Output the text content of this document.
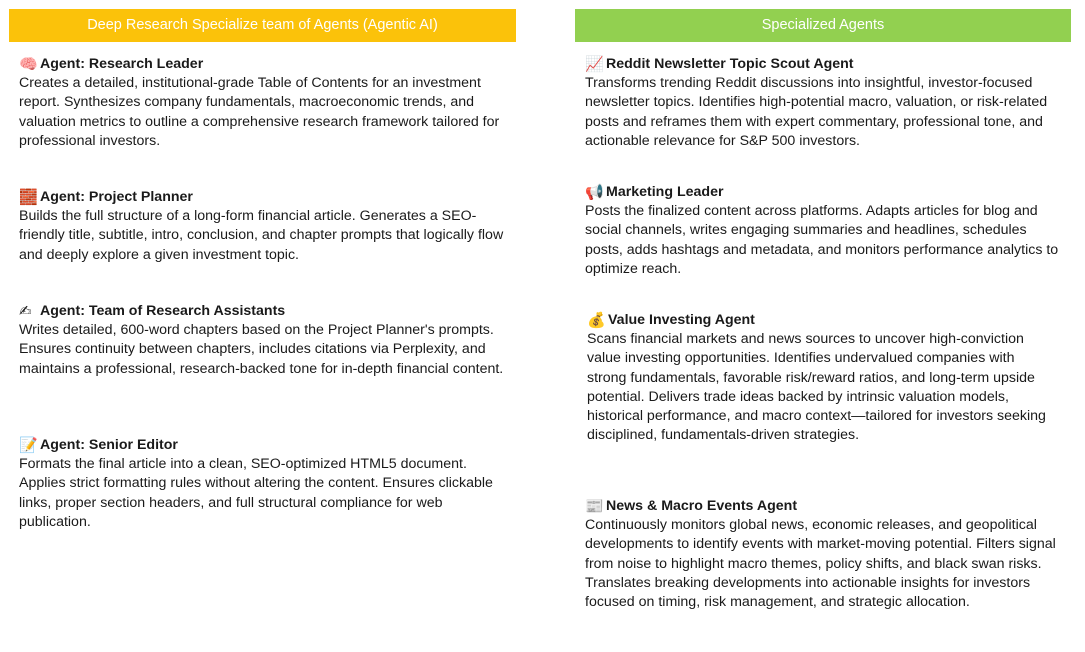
Deep Research Specialize team of Agents (Agentic AI)	Specialized Agents
🧠 Agent: Research Leader

Creates a detailed, institutional-grade Table of Contents for an investment report. Synthesizes company fundamentals, macroeconomic trends, and valuation metrics to outline a comprehensive research framework tailored for professional investors.

🧱 Agent: Project Planner

Builds the full structure of a long-form financial article. Generates a SEO-friendly title, subtitle, intro, conclusion, and chapter prompts that logically flow and deeply explore a given investment topic.

✍ Agent: Team of Research Assistants

Writes detailed, 600-word chapters based on the Project Planner's prompts. Ensures continuity between chapters, includes citations via Perplexity, and maintains a professional, research-backed tone for in-depth financial content.

📝 Agent: Senior Editor

Formats the final article into a clean, SEO-optimized HTML5 document. Applies strict formatting rules without altering the content. Ensures clickable links, proper section headers, and full structural compliance for web publication.

📈 Reddit Newsletter Topic Scout Agent

Transforms trending Reddit discussions into insightful, investor-focused newsletter topics. Identifies high-potential macro, valuation, or risk-related posts and reframes them with expert commentary, professional tone, and actionable relevance for S&P 500 investors.

📢 Marketing Leader

Posts the finalized content across platforms. Adapts articles for blog and social channels, writes engaging summaries and headlines, schedules posts, adds hashtags and metadata, and monitors performance analytics to optimize reach.

💰 Value Investing Agent

Scans financial markets and news sources to uncover high-conviction value investing opportunities. Identifies undervalued companies with strong fundamentals, favorable risk/reward ratios, and long-term upside potential. Delivers trade ideas backed by intrinsic valuation models, historical performance, and macro context—tailored for investors seeking disciplined, fundamentals-driven strategies.

📰 News & Macro Events Agent

Continuously monitors global news, economic releases, and geopolitical developments to identify events with market-moving potential. Filters signal from noise to highlight macro themes, policy shifts, and black swan risks. Translates breaking developments into actionable insights for investors focused on timing, risk management, and strategic allocation.
